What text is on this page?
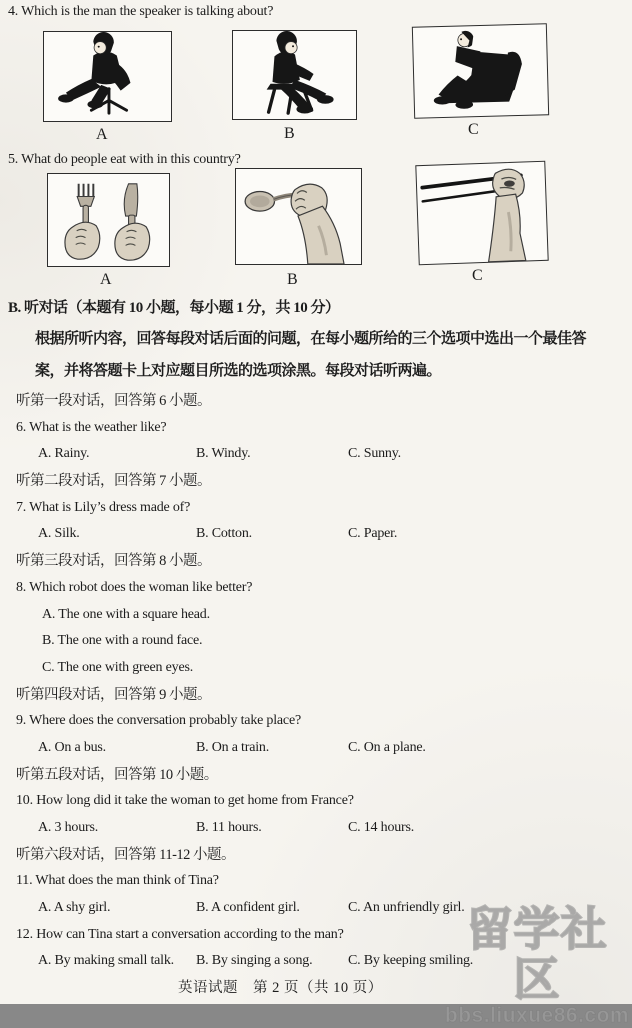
4. Which is the man the speaker is talking about?
A	B	C
5. What do people eat with in this country?
A	B	C
B. 听对话（本题有 10 小题，每小题 1 分，共 10 分）
根据所听内容，回答每段对话后面的问题，在每小题所给的三个选项中选出一个最佳答
案，并将答题卡上对应题目所选的选项涂黑。每段对话听两遍。
听第一段对话，回答第 6 小题。
6. What is the weather like?
A. Rainy.	B. Windy.	C. Sunny.
听第二段对话，回答第 7 小题。
7. What is Lily’s dress made of?
A. Silk.	B. Cotton.	C. Paper.
听第三段对话，回答第 8 小题。
8. Which robot does the woman like better?
A. The one with a square head.
B. The one with a round face.
C. The one with green eyes.
听第四段对话，回答第 9 小题。
9. Where does the conversation probably take place?
A. On a bus.	B. On a train.	C. On a plane.
听第五段对话，回答第 10 小题。
10. How long did it take the woman to get home from France?
A. 3 hours.	B. 11 hours.	C. 14 hours.
听第六段对话，回答第 11-12 小题。
11. What does the man think of Tina?
A. A shy girl.	B. A confident girl.	C. An unfriendly girl.
12. How can Tina start a conversation according to the man?
A. By making small talk. B. By singing a song.	C. By keeping smiling.
英语试题　第 2 页（共 10 页）
留学社区
bbs.liuxue86.com
